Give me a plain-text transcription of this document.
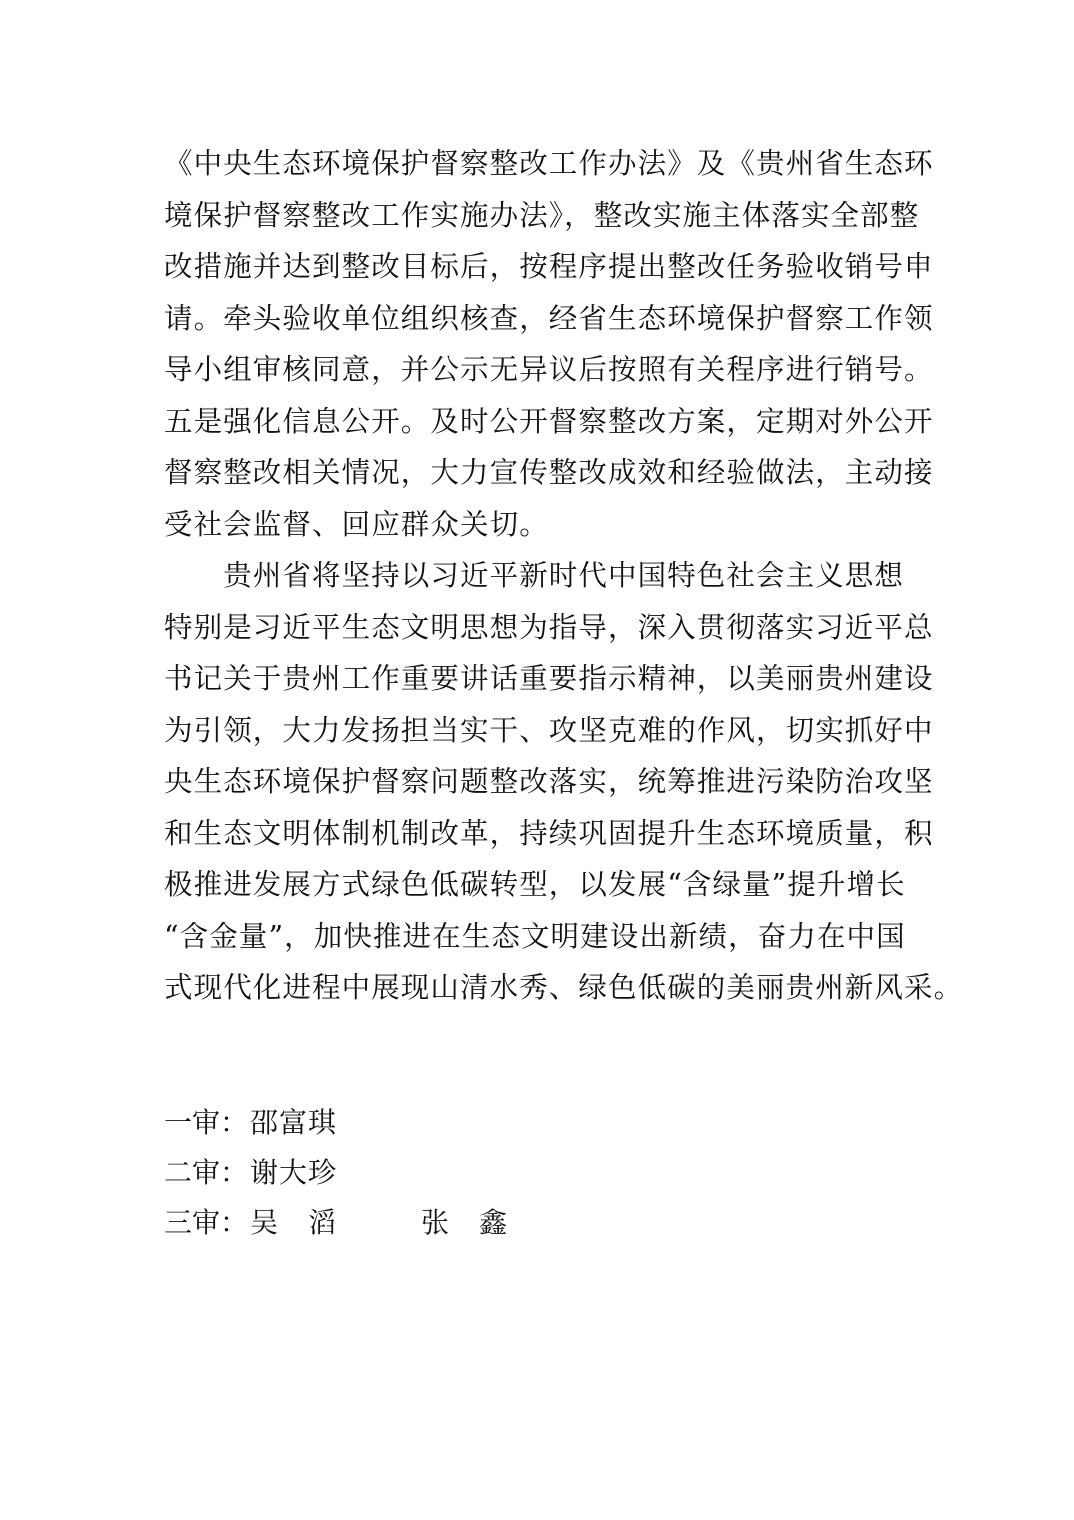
《中央生态环境保护督察整改工作办法》及《贵州省生态环
境保护督察整改工作实施办法》，整改实施主体落实全部整
改措施并达到整改目标后，按程序提出整改任务验收销号申
请。牵头验收单位组织核查，经省生态环境保护督察工作领
导小组审核同意，并公示无异议后按照有关程序进行销号。
五是强化信息公开。及时公开督察整改方案，定期对外公开
督察整改相关情况，大力宣传整改成效和经验做法，主动接
受社会监督、回应群众关切。
　　贵州省将坚持以习近平新时代中国特色社会主义思想
特别是习近平生态文明思想为指导，深入贯彻落实习近平总
书记关于贵州工作重要讲话重要指示精神，以美丽贵州建设
为引领，大力发扬担当实干、攻坚克难的作风，切实抓好中
央生态环境保护督察问题整改落实，统筹推进污染防治攻坚
和生态文明体制机制改革，持续巩固提升生态环境质量，积
极推进发展方式绿色低碳转型，以发展“含绿量”提升增长
“含金量”，加快推进在生态文明建设出新绩，奋力在中国
式现代化进程中展现山清水秀、绿色低碳的美丽贵州新风采。
一审： 邵富琪
二审： 谢大珍
三审： 吴　滔	张　鑫
